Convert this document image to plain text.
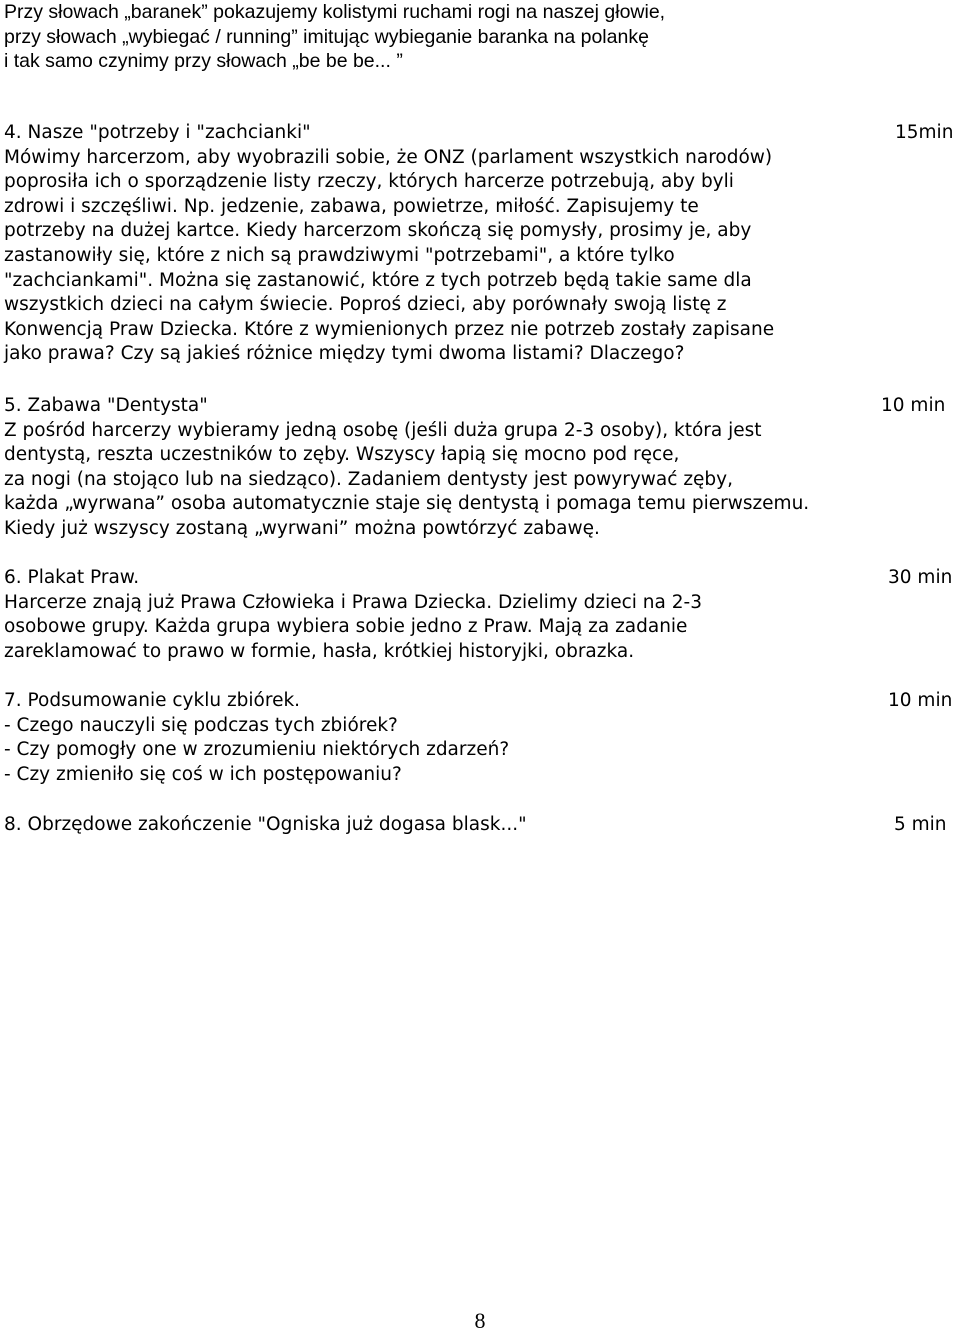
Przy słowach „baranek” pokazujemy kolistymi ruchami rogi na naszej głowie,
przy słowach „wybiegać / running” imitując wybieganie baranka na polankę
i tak samo czynimy przy słowach „be be be... ”
4. Nasze "potrzeby i "zachcianki"	15min
Mówimy harcerzom, aby wyobrazili sobie, że ONZ (parlament wszystkich narodów)
poprosiła ich o sporządzenie listy rzeczy, których harcerze potrzebują, aby byli
zdrowi i szczęśliwi. Np. jedzenie, zabawa, powietrze, miłość. Zapisujemy te
potrzeby na dużej kartce. Kiedy harcerzom skończą się pomysły, prosimy je, aby
zastanowiły się, które z nich są prawdziwymi "potrzebami", a które tylko
"zachciankami". Można się zastanowić, które z tych potrzeb będą takie same dla
wszystkich dzieci na całym świecie. Poproś dzieci, aby porównały swoją listę z
Konwencją Praw Dziecka. Które z wymienionych przez nie potrzeb zostały zapisane
jako prawa? Czy są jakieś różnice między tymi dwoma listami? Dlaczego?
5. Zabawa "Dentysta"	10 min
Z pośród harcerzy wybieramy jedną osobę (jeśli duża grupa 2-3 osoby), która jest
dentystą, reszta uczestników to zęby. Wszyscy łapią się mocno pod ręce,
za nogi (na stojąco lub na siedząco). Zadaniem dentysty jest powyrywać zęby,
każda „wyrwana” osoba automatycznie staje się dentystą i pomaga temu pierwszemu.
Kiedy już wszyscy zostaną „wyrwani” można powtórzyć zabawę.
6. Plakat Praw.	30 min
Harcerze znają już Prawa Człowieka i Prawa Dziecka. Dzielimy dzieci na 2-3
osobowe grupy. Każda grupa wybiera sobie jedno z Praw. Mają za zadanie
zareklamować to prawo w formie, hasła, krótkiej historyjki, obrazka.
7. Podsumowanie cyklu zbiórek.	10 min
- Czego nauczyli się podczas tych zbiórek?
- Czy pomogły one w zrozumieniu niektórych zdarzeń?
- Czy zmieniło się coś w ich postępowaniu?
8. Obrzędowe zakończenie "Ogniska już dogasa blask..."	5 min
8
